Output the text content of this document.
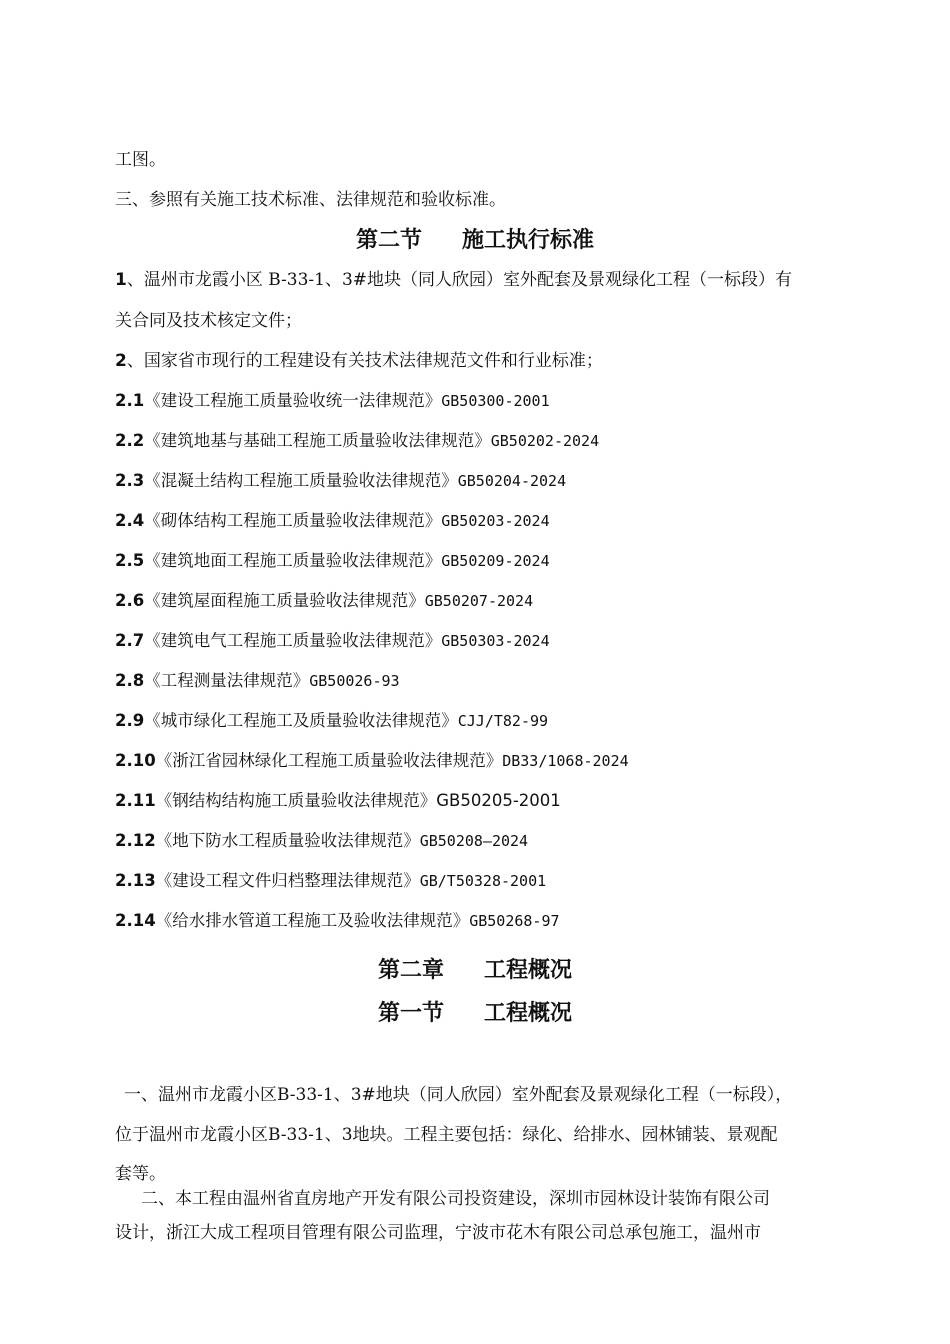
工图。
三、参照有关施工技术标准、法律规范和验收标准。
第二节 施工执行标准
1、温州市龙霞小区 B-33-1、3#地块（同人欣园）室外配套及景观绿化工程（一标段）有
关合同及技术核定文件；
2、国家省市现行的工程建设有关技术法律规范文件和行业标准；
2.1《建设工程施工质量验收统一法律规范》GB50300-2001
2.2《建筑地基与基础工程施工质量验收法律规范》GB50202-2024
2.3《混凝土结构工程施工质量验收法律规范》GB50204-2024
2.4《砌体结构工程施工质量验收法律规范》GB50203-2024
2.5《建筑地面工程施工质量验收法律规范》GB50209-2024
2.6《建筑屋面程施工质量验收法律规范》GB50207-2024
2.7《建筑电气工程施工质量验收法律规范》GB50303-2024
2.8《工程测量法律规范》GB50026-93
2.9《城市绿化工程施工及质量验收法律规范》CJJ/T82-99
2.10《浙江省园林绿化工程施工质量验收法律规范》DB33/1068-2024
2.11《钢结构结构施工质量验收法律规范》GB50205-2001
2.12《地下防水工程质量验收法律规范》GB50208—2024
2.13《建设工程文件归档整理法律规范》GB/T50328-2001
2.14《给水排水管道工程施工及验收法律规范》GB50268-97
第二章 工程概况
第一节 工程概况
一、温州市龙霞小区B-33-1、3#地块（同人欣园）室外配套及景观绿化工程（一标段），
位于温州市龙霞小区B-33-1、3地块。工程主要包括：绿化、给排水、园林铺装、景观配
套等。
二、本工程由温州省直房地产开发有限公司投资建设，深圳市园林设计装饰有限公司
设计，浙江大成工程项目管理有限公司监理，宁波市花木有限公司总承包施工，温州市
